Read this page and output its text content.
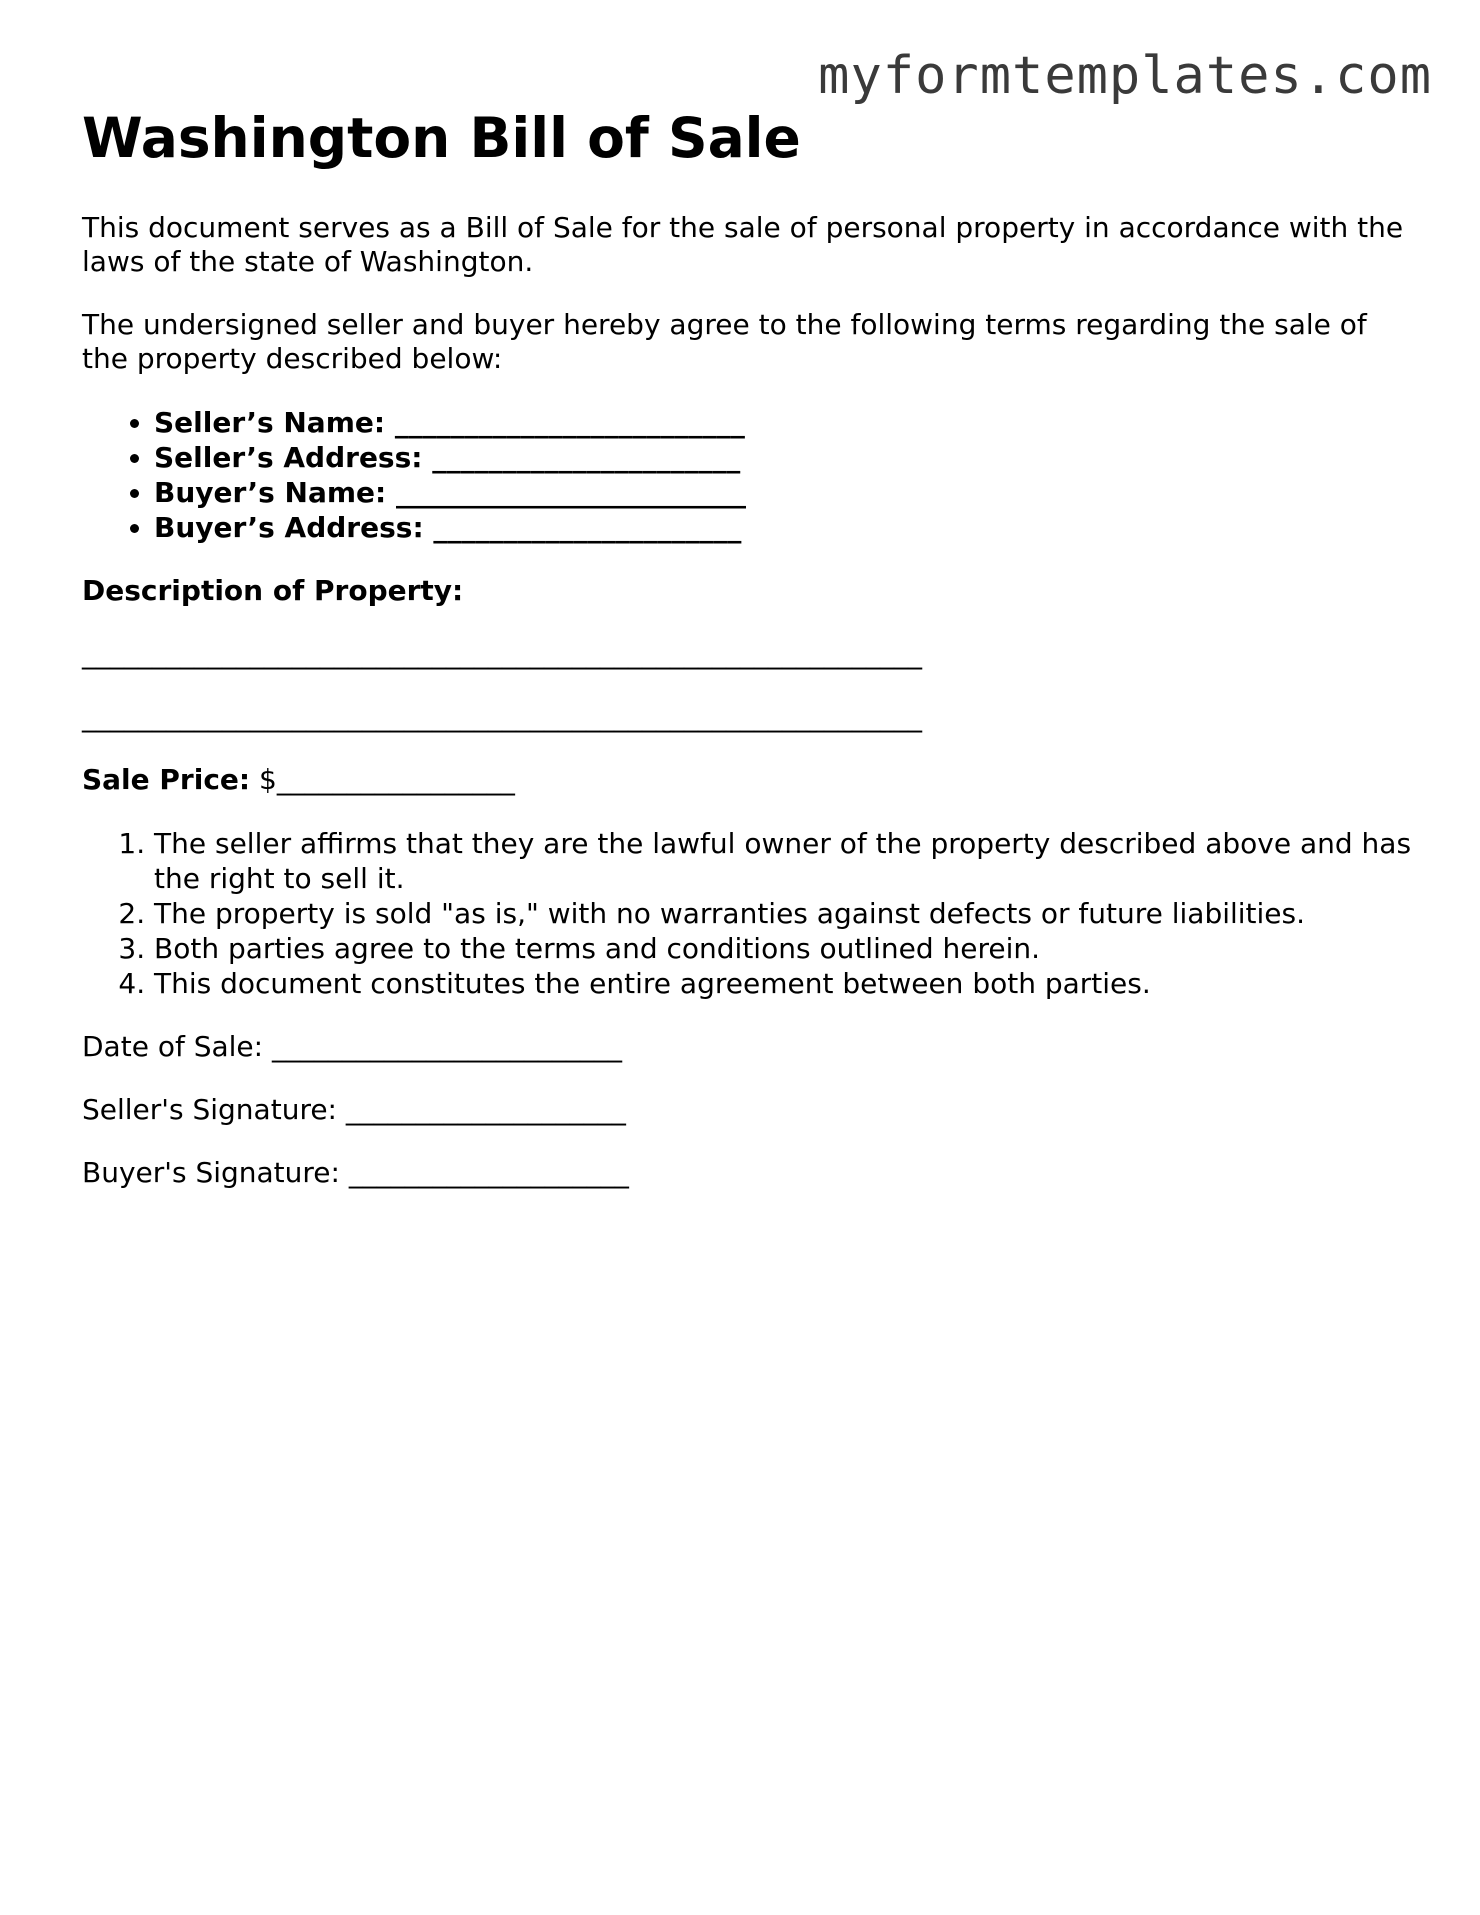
myformtemplates.com
Washington Bill of Sale

This document serves as a Bill of Sale for the sale of personal property in accordance with the laws of the state of Washington.

The undersigned seller and buyer hereby agree to the following terms regarding the sale of the property described below:

• Seller’s Name: _________________________
• Seller’s Address: ______________________
• Buyer’s Name: _________________________
• Buyer’s Address: ______________________
Description of Property:
____________________________________________________________
____________________________________________________________
Sale Price: $_________________
1. The seller affirms that they are the lawful owner of the property described above and has the right to sell it.
2. The property is sold "as is," with no warranties against defects or future liabilities.
3. Both parties agree to the terms and conditions outlined herein.
4. This document constitutes the entire agreement between both parties.
Date of Sale: _________________________
Seller's Signature: ____________________
Buyer's Signature: ____________________
